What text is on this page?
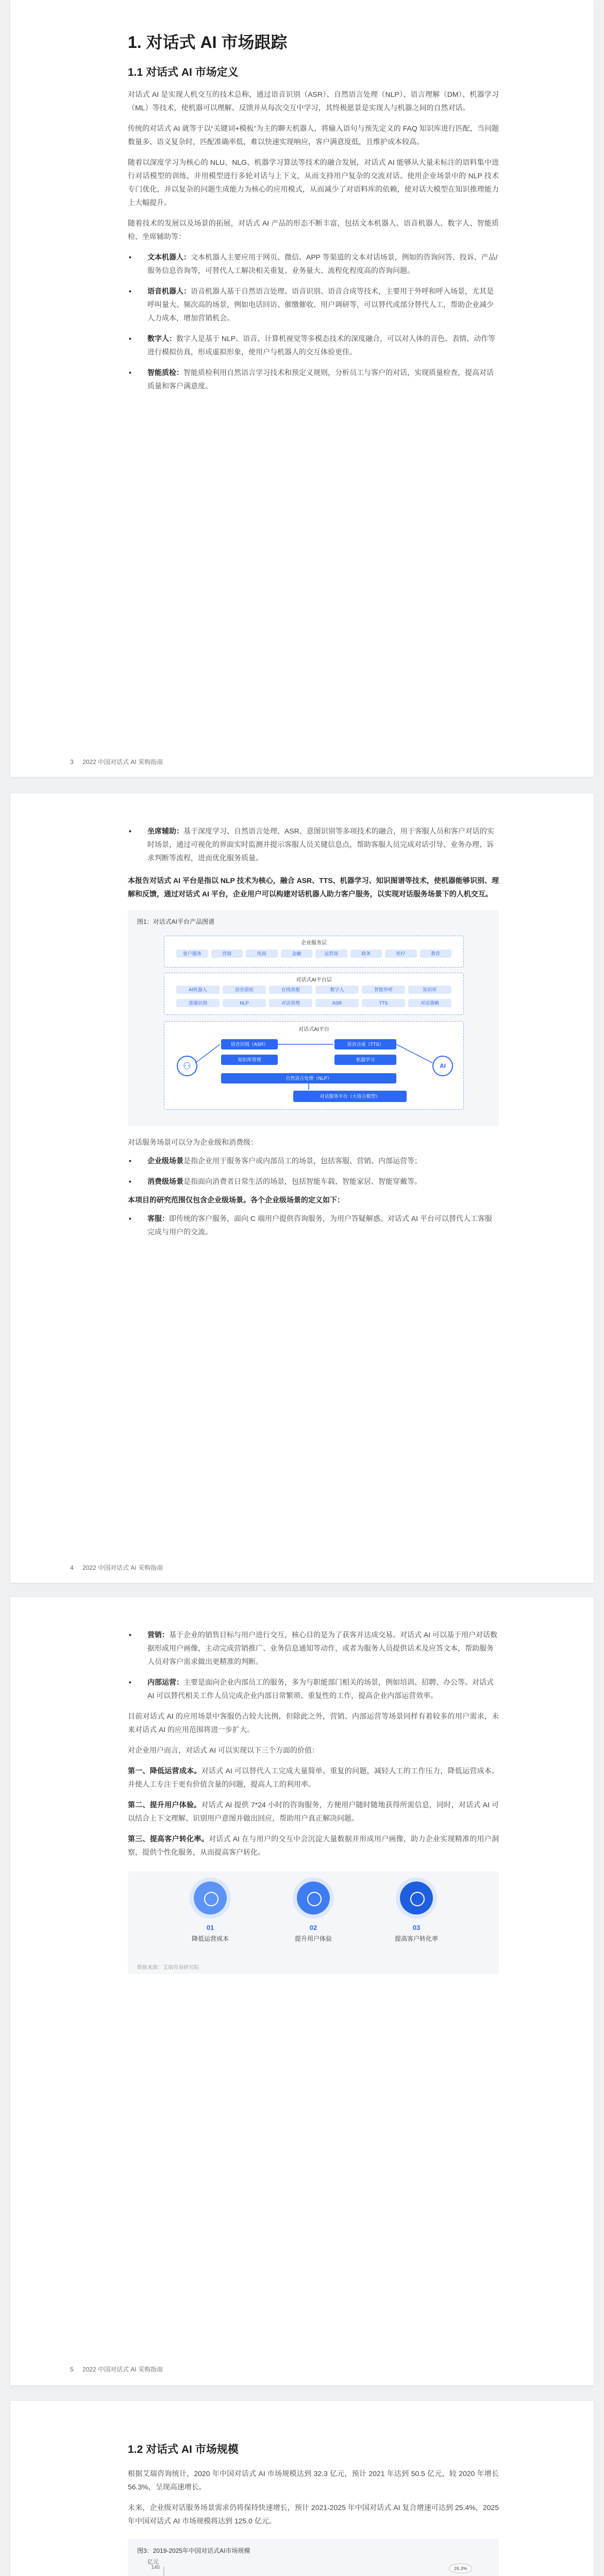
1. 对话式 AI 市场跟踪
1.1 对话式 AI 市场定义

对话式 AI 是实现人机交互的技术总称，通过语音识别（ASR）、自然语言处理（NLP）、语言理解（DM）、机器学习（ML）等技术，使机器可以理解、反馈并从每次交互中学习，其终极愿景是实现人与机器之间的自然对话。

传统的对话式 AI 就等于以“关键词+模板”为主的聊天机器人，将输入语句与预先定义的 FAQ 知识库进行匹配，当问题数量多、语义复杂时，匹配准确率低，难以快速实现响应，客户满意度低，且维护成本较高。

随着以深度学习为核心的 NLU、NLG、机器学习算法等技术的融合发展，对话式 AI 能够从大量未标注的语料集中进行对话模型的训练，并用模型进行多轮对话与上下文，从而支持用户复杂的交流对话。使用企业场景中的 NLP 技术专门优化，并以复杂的问题生成能力为核心的应用模式，从而减少了对语料库的依赖，使对话大模型在知识推理能力上大幅提升。

随着技术的发展以及场景的拓展，对话式 AI 产品的形态不断丰富，包括文本机器人、语音机器人、数字人、智能质检、坐席辅助等：

• 文本机器人：文本机器人主要应用于网页、微信、APP 等渠道的文本对话场景，例如的咨询问答、投诉、产品/服务信息咨询等，可替代人工解决相关重复、业务量大、流程化程度高的咨询问题。
• 语音机器人：语音机器人基于自然语言处理、语音识别、语音合成等技术，主要用于外呼和呼入场景，尤其是呼叫量大、频次高的场景，例如电话回访、催缴催收、用户调研等，可以替代或部分替代人工，帮助企业减少人力成本，增加营销机会。
• 数字人：数字人是基于 NLP、语音、计算机视觉等多模态技术的深度融合，可以对人体的音色、表情、动作等进行模拟仿真，形成虚拟形象，使用户与机器人的交互体验更佳。
• 智能质检：智能质检利用自然语言学习技术和预定义规则，分析员工与客户的对话，实现质量检查，提高对话质量和客户满意度。
3 2022 中国对话式 AI 采购指南
• 坐席辅助：基于深度学习、自然语言处理、ASR、意图识别等多项技术的融合，用于客服人员和客户对话的实时场景，通过可视化的界面实时监测并提示客服人员关键信息点，帮助客服人员完成对话引导、业务办理、诉求判断等流程，进而优化服务质量。

本报告对话式 AI 平台是指以 NLP 技术为核心，融合 ASR、TTS、机器学习、知识图谱等技术，使机器能够识别、理解和反馈，通过对话式 AI 平台，企业用户可以构建对话机器人助力客户服务，以实现对话服务场景下的人机交互。

图1：对话式AI平台产品图谱
企业服务层
客户服务	营销	电商	金融	运营商	政务	医疗	教育
对话式AI平台层
AI机器人	语音质检	在线客服	数字人	智能外呼	知识库
意图识别	NLP	对话管理	ASR	TTS	对话策略
对话式AI平台
语音识别（ASR）
知识库管理
语音合成（TTS）
机器学习
自然语言处理（NLP）
对话服务平台（大语言模型）
⚇	AI

对话服务场景可以分为企业级和消费级：

• 企业级场景是指企业用于服务客户或内部员工的场景，包括客服、营销、内部运营等；
• 消费级场景是指面向消费者日常生活的场景，包括智能车载、智能家居、智能穿戴等。

本项目的研究范围仅包含企业级场景。各个企业级场景的定义如下：

• 客服：即传统的客户服务，面向 C 端用户提供咨询服务，为用户答疑解惑。对话式 AI 平台可以替代人工客服完成与用户的交流。
4 2022 中国对话式 AI 采购指南
• 营销：基于企业的销售目标与用户进行交互，核心目的是为了获客并达成交易。对话式 AI 可以基于用户对话数据形成用户画像，主动完成营销推广、业务信息通知等动作，或者为服务人员提供话术及应答文本，帮助服务人员对客户需求做出更精准的判断。
• 内部运营：主要是面向企业内部员工的服务，多为与职能部门相关的场景，例如培训、招聘、办公等。对话式 AI 可以替代相关工作人员完成企业内部日常繁琐、重复性的工作，提高企业内部运营效率。

目前对话式 AI 的应用场景中客服仍占较大比例，但除此之外，营销、内部运营等场景同样有着较多的用户需求，未来对话式 AI 的应用范围将进一步扩大。

对企业用户而言，对话式 AI 可以实现以下三个方面的价值：

第一、降低运营成本。对话式 AI 可以替代人工完成大量简单、重复的问题，减轻人工的工作压力，降低运营成本。并使人工专注于更有价值含量的问题，提高人工的利用率。

第二、提升用户体验。对话式 AI 提供 7*24 小时的咨询服务，方便用户随时随地获得所需信息，同时，对话式 AI 可以结合上下文理解、识别用户意图并做出回应，帮助用户真正解决问题。

第三、提高客户转化率。对话式 AI 在与用户的交互中会沉淀大量数据并形成用户画像，助力企业实现精准的用户洞察，提供个性化服务，从而提高客户转化。

01
降低运营成本
02
提升用户体验
03
提高客户转化率
数据来源：艾瑞咨询研究院
5 2022 中国对话式 AI 采购指南
1.2 对话式 AI 市场规模

根据艾瑞咨询统计，2020 年中国对话式 AI 市场规模达到 32.3 亿元，预计 2021 年达到 50.5 亿元，较 2020 年增长 56.3%，呈现高速增长。

未来，企业级对话服务场景需求仍将保持快速增长，预计 2021-2025 年中国对话式 AI 复合增速可达到 25.4%，2025 年中国对话式 AI 市场规模将达到 125.0 亿元。

图3：2019-2025年中国对话式AI市场规模
亿元
140	26.3%
